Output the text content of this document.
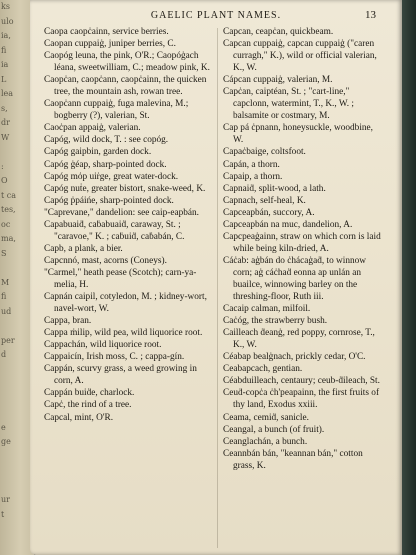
ks
ulo
ia,
fi
ia
L
lea
s,
dr
W

:
O
t ca
tes,
oc
ma,
S

M
fi
ud

per
d

e
ge

ur
t

GAELIC PLANT NAMES.	13

Caopa caopċainn, service berries.

Caopan cuppaiġ, juniper berries, C.

Caopóg leuna, the pink, O'R.; Caopóġach léana, sweetwilliam, C.; meadow pink, K.

Caopċan, caopċann, caopċainn, the quicken tree, the mountain ash, rowan tree.

Caopċann cuppaiġ, fuga malevina, M.; bogberry (?), valerian, St.

Caoċpan appaiġ, valerian.

Capóg, wild dock, T. : see copóg.

Capóg gaipbin, garden dock.

Capóg ġéap, sharp-pointed dock.

Capóg mόp uiṙge, great water-dock.

Capóg nuṫe, greater bistort, snake-weed, K.

Capóg ṗpáińe, sharp-pointed dock.

"Caprevane," dandelion: see caip-eapbán.

Capabuaiḋ, caḃabuaiḋ, caraway, St. ; "caravoe," K. ; caḃuiḋ, caḃabán, C.

Capb, a plank, a bier.

Capcnnó, mast, acorns (Coneys).

"Carmel," heath pease (Scotch); carn-ya-melia, H.

Capnán caipil, cotyledon, M. ; kidney-wort, navel-wort, W.

Cappa, bran.

Cappa ṁilip, wild pea, wild liquorice root.

Cappachán, wild liquorice root.

Cappaicín, Irish moss, C. ; cappa-gín.

Cappán, scurvy grass, a weed growing in corn, A.

Cappán buiḋe, charlock.

Capċ, the rind of a tree.

Capcal, mint, O'R.

Capcan, ceapċan, quickbeam.

Capcan cuppaiġ, capcan cuppaiġ ("caren curragh," K.), wild or official valerian, K., W.

Cápcan cuppaiġ, valerian, M.

Capċan, caiptéan, St. ; "cart-line," capclonn, watermint, T., K., W. ; balsamite or costmary, M.

Cap pá ċpnann, honeysuckle, woodbine, W.

Capaċbaige, coltsfoot.

Capán, a thorn.

Capaip, a thorn.

Capnaiḋ, split-wood, a lath.

Capnach, self-heal, K.

Capceapbán, succory, A.

Capceapbán na muc, dandelion, A.

Capcpeaġainn, straw on which corn is laid while being kiln-dried, A.

Cáċab: aġbán do ċhácaġaḋ, to winnow corn; aġ cáċhaḋ eonna ap unlán an buailce, winnowing barley on the threshing-floor, Ruth iii.

Cacaip calman, milfoil.

Caċóg, the strawberry bush.

Cailleach ḋeanġ, red poppy, cornrose, T., K., W.

Céabap bealġnach, prickly cedar, O'C.

Ceabapcach, gentian.

Céabduilleach, centaury; ceub-ḋileach, St.

Ceuḋ-copċa ċh'peapainn, the first fruits of thy land, Exodus xxiii.

Ceama, cemiḋ, sanicle.

Ceangal, a bunch (of fruit).

Ceanglachán, a bunch.

Ceannbán bán, "keannan bán," cotton grass, K.
